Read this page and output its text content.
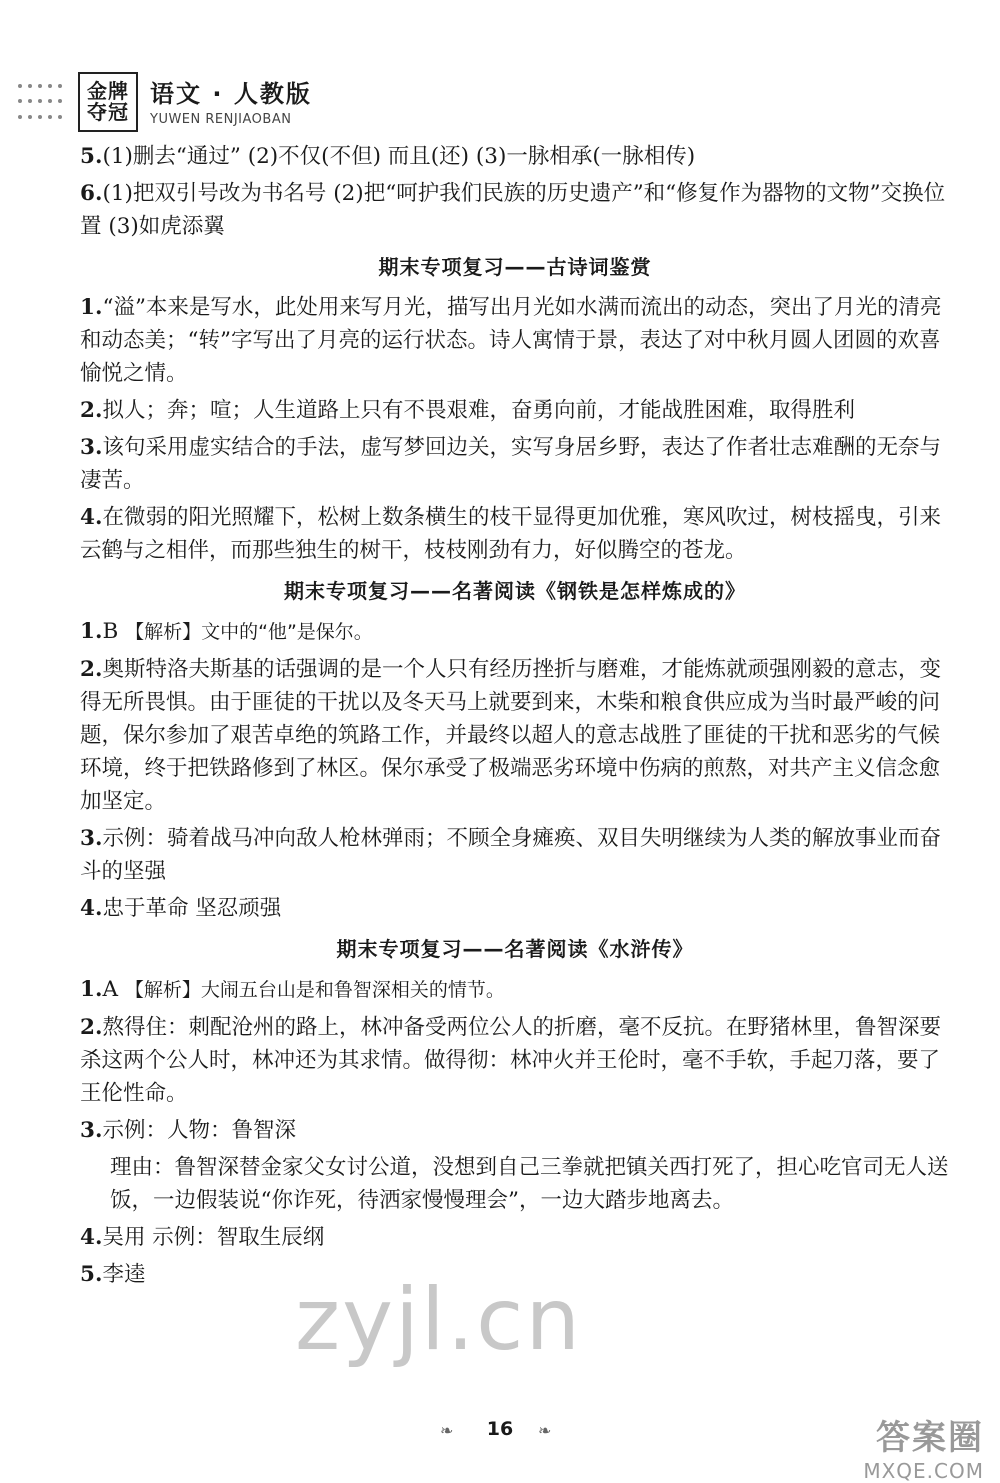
金牌
夺冠
语文 · 人教版
YUWEN RENJIAOBAN
5.(1)删去“通过” (2)不仅(不但) 而且(还) (3)一脉相承(一脉相传)
6.(1)把双引号改为书名号 (2)把“呵护我们民族的历史遗产”和“修复作为器物的文物”交换位置 (3)如虎添翼
期末专项复习——古诗词鉴赏
1.“溢”本来是写水，此处用来写月光，描写出月光如水满而流出的动态，突出了月光的清亮和动态美；“转”字写出了月亮的运行状态。诗人寓情于景，表达了对中秋月圆人团圆的欢喜愉悦之情。
2.拟人；奔；喧；人生道路上只有不畏艰难，奋勇向前，才能战胜困难，取得胜利
3.该句采用虚实结合的手法，虚写梦回边关，实写身居乡野，表达了作者壮志难酬的无奈与凄苦。
4.在微弱的阳光照耀下，松树上数条横生的枝干显得更加优雅，寒风吹过，树枝摇曳，引来云鹤与之相伴，而那些独生的树干，枝枝刚劲有力，好似腾空的苍龙。
期末专项复习——名著阅读《钢铁是怎样炼成的》
1.B 【解析】文中的“他”是保尔。
2.奥斯特洛夫斯基的话强调的是一个人只有经历挫折与磨难，才能炼就顽强刚毅的意志，变得无所畏惧。由于匪徒的干扰以及冬天马上就要到来，木柴和粮食供应成为当时最严峻的问题，保尔参加了艰苦卓绝的筑路工作，并最终以超人的意志战胜了匪徒的干扰和恶劣的气候环境，终于把铁路修到了林区。保尔承受了极端恶劣环境中伤病的煎熬，对共产主义信念愈加坚定。
3.示例：骑着战马冲向敌人枪林弹雨；不顾全身瘫痪、双目失明继续为人类的解放事业而奋斗的坚强
4.忠于革命 坚忍顽强
期末专项复习——名著阅读《水浒传》
1.A 【解析】大闹五台山是和鲁智深相关的情节。
2.熬得住：刺配沧州的路上，林冲备受两位公人的折磨，毫不反抗。在野猪林里，鲁智深要杀这两个公人时，林冲还为其求情。做得彻：林冲火并王伦时，毫不手软，手起刀落，要了王伦性命。
3.示例：人物：鲁智深
理由：鲁智深替金家父女讨公道，没想到自己三拳就把镇关西打死了，担心吃官司无人送饭，一边假装说“你诈死，待洒家慢慢理会”，一边大踏步地离去。
4.吴用 示例：智取生辰纲
5.李逵	zyjl.cn
❧	16	❧	答案圈
MXQE.COM
